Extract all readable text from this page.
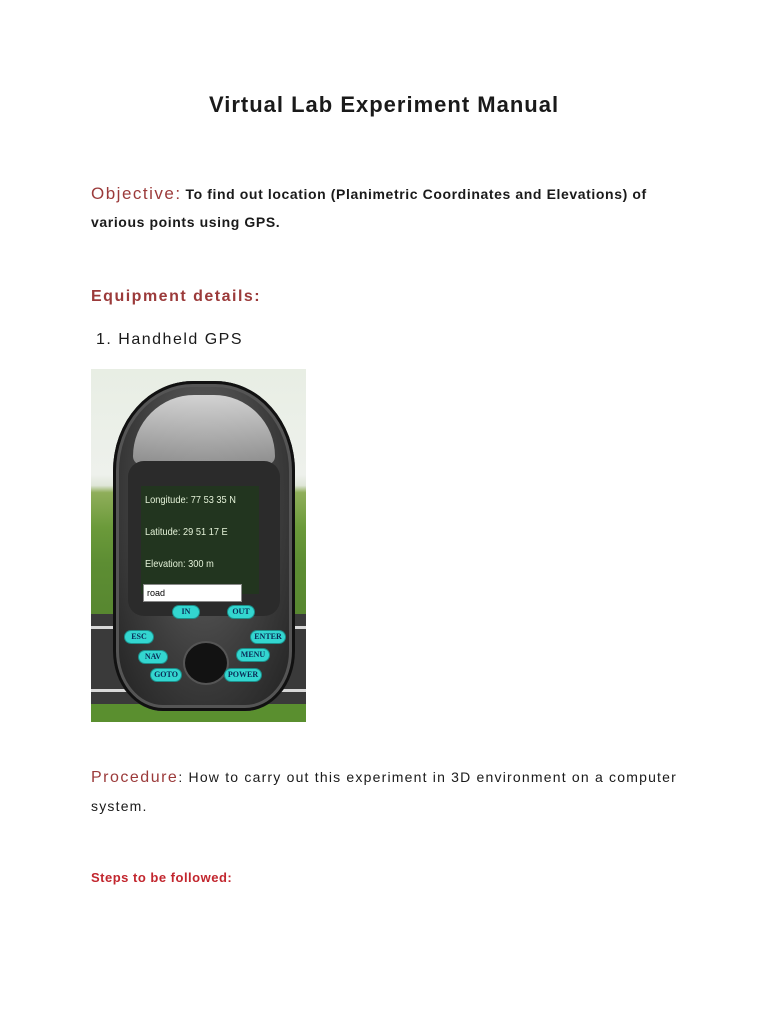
Virtual Lab Experiment Manual

Objective: To find out location (Planimetric Coordinates and Elevations) of various points using GPS.

Equipment details:

1. Handheld GPS

Longitude: 77 53 35 N
Latitude: 29 51 17 E
Elevation: 300 m
road
IN	OUT
ESC	ENTER
NAV	MENU
GOTO	POWER

Procedure: How to carry out this experiment in 3D environment on a computer system.

Steps to be followed:
